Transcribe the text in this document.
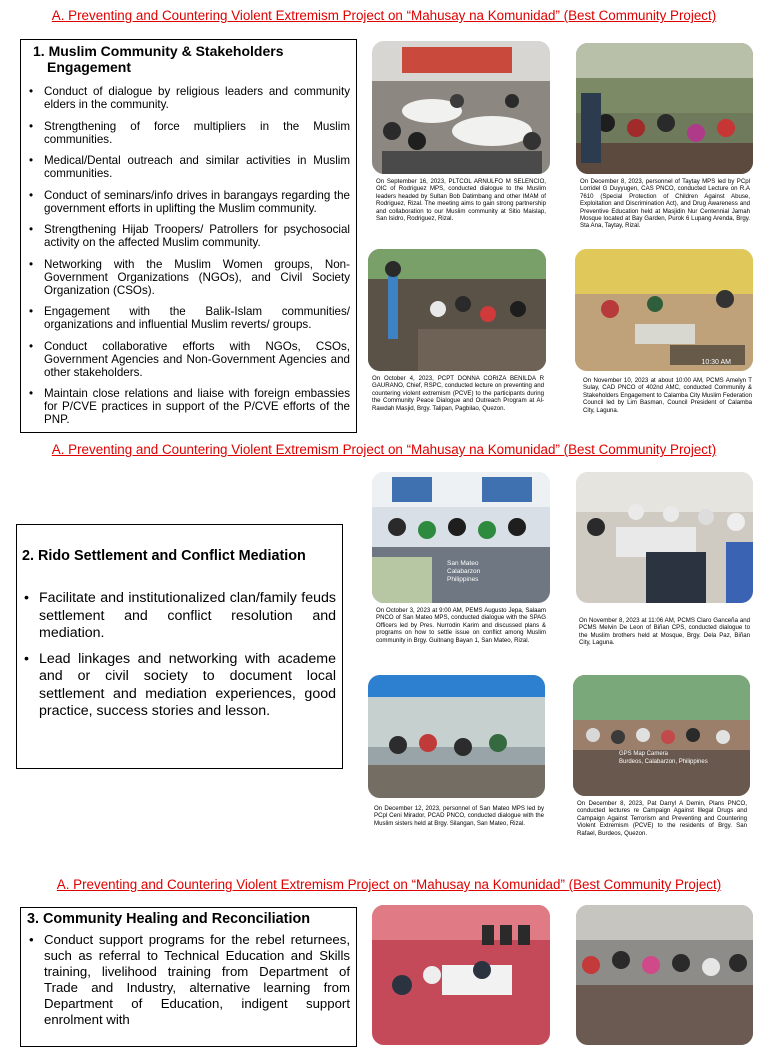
A. Preventing and Countering Violent Extremism Project on “Mahusay na Komunidad” (Best Community Project)
A. Preventing and Countering Violent Extremism Project on “Mahusay na Komunidad” (Best Community Project)
A. Preventing and Countering Violent Extremism Project on “Mahusay na Komunidad” (Best Community Project)
1. Muslim Community & Stakeholders Engagement
• Conduct of dialogue by religious leaders and community elders in the community.
• Strengthening of force multipliers in the Muslim communities.
• Medical/Dental outreach and similar activities in Muslim communities.
• Conduct of seminars/info drives in barangays regarding the government efforts in uplifting the Muslim community.
• Strengthening Hijab Troopers/ Patrollers for psychosocial activity on the affected Muslim community.
• Networking with the Muslim Women groups, Non-Government Organizations (NGOs), and Civil Society Organization (CSOs).
• Engagement with the Balik-Islam communities/ organizations and influential Muslim reverts/ groups.
• Conduct collaborative efforts with NGOs, CSOs, Government Agencies and Non-Government Agencies and other stakeholders.
• Maintain close relations and liaise with foreign embassies for P/CVE practices in support of the P/CVE efforts of the PNP.
On September 16, 2023, PLTCOL ARNULFO M SELENCIO, OIC of Rodriguez MPS, conducted dialogue to the Muslim leaders headed by Sultan Bob Datimbang and other IMAM of Rodriguez, Rizal. The meeting aims to gain strong partnership and collaboration to our Muslim community at Sitio Maislap, San Isidro, Rodriguez, Rizal.
On December 8, 2023, personnel of Taytay MPS led by PCpl Lorridel G Duyyugen, CAS PNCO, conducted Lecture on R.A 7610 (Special Protection of Children Against Abuse, Exploitation and Discrimination Act), and Drug Awareness and Preventive Education held at Masjidin Nur Centennial Jamah Mosque located at Bay Garden, Purok 6 Lupang Arenda, Brgy. Sta Ana, Taytay, Rizal.
On October 4, 2023, PCPT DONNA CORIZA BENILDA R GAURANO, Chief, RSPC, conducted lecture on preventing and countering violent extremism (PCVE) to the participants during the Community Peace Dialogue and Outreach Program at Al-Rawdah Masjid, Brgy. Talipan, Pagbilao, Quezon.
10:30 AM
On November 10, 2023 at about 10:00 AM, PCMS Amelyn T Sulay, CAD PNCO of 402nd AMC, conducted Community & Stakeholders Engagement to Calamba City Muslim Federation Council led by Lim Basman, Council President of Calamba City, Laguna.
2. Rido Settlement and Conflict Mediation
• Facilitate and institutionalized clan/family feuds settlement and conflict resolution and mediation.
• Lead linkages and networking with academe and or civil society to document local settlement and mediation experiences, good practice, success stories and lesson.
San Mateo
Calabarzon
Philippines
On October 3, 2023 at 9:00 AM, PEMS Augusto Jepa, Salaam PNCO of San Mateo MPS, conducted dialogue with the SPAG Officers led by Pres. Nurrodin Karim and discussed plans & programs on how to settle issue on conflict among Muslim community in Brgy. Guitnang Bayan 1, San Mateo, Rizal.
On November 8, 2023 at 11:06 AM, PCMS Claro Ganceña and PCMS Melvin De Leon of Biñan CPS, conducted dialogue to the Muslim brothers held at Mosque, Brgy. Dela Paz, Biñan City, Laguna.
On December 12, 2023, personnel of San Mateo MPS led by PCpl Ceni Mirador, PCAD PNCO, conducted dialogue with the Muslim sisters held at Brgy. Silangan, San Mateo, Rizal.
GPS Map Camera
Burdeos, Calabarzon, Philippines
On December 8, 2023, Pat Darryl A Demin, Plans PNCO, conducted lectures re Campaign Against Illegal Drugs and Campaign Against Terrorism and Preventing and Countering Violent Extremism (PCVE) to the residents of Brgy. San Rafael, Burdeos, Quezon.
3. Community Healing and Reconciliation
• Conduct support programs for the rebel returnees, such as referral to Technical Education and Skills training, livelihood training from Department of Trade and Industry, alternative learning from Department of Education, indigent support enrolment with
